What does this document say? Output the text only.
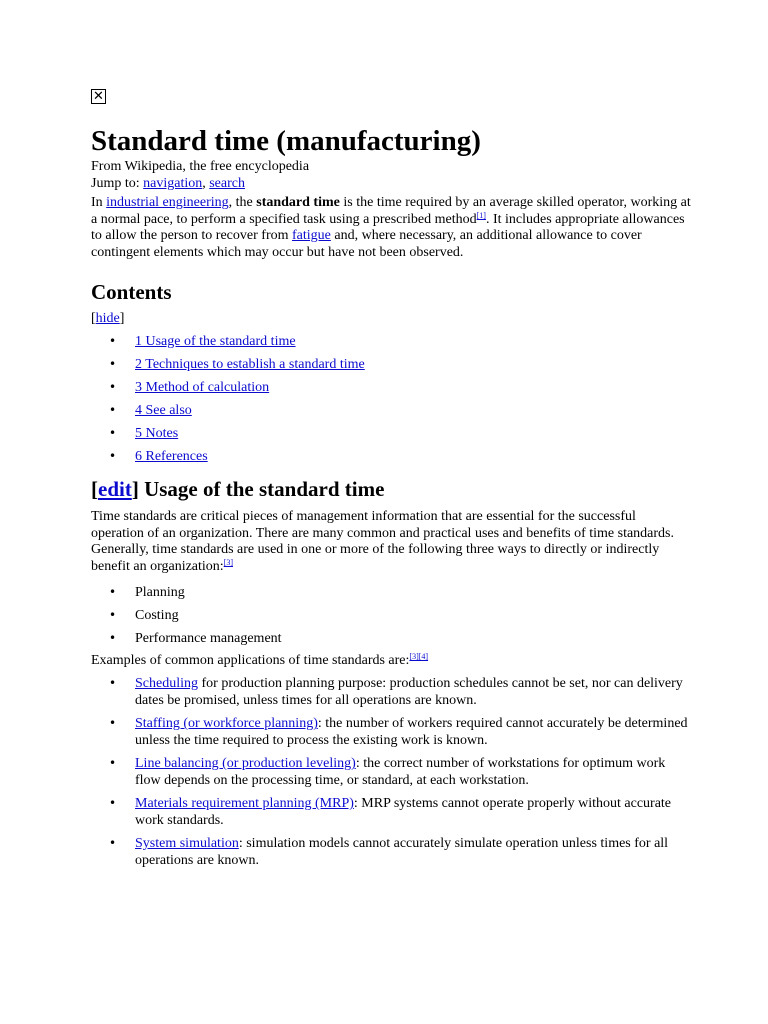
✕
Standard time (manufacturing)
From Wikipedia, the free encyclopedia
Jump to: navigation, search

In industrial engineering, the standard time is the time required by an average skilled operator, working at a normal pace, to perform a specified task using a prescribed method[1]. It includes appropriate allowances to allow the person to recover from fatigue and, where necessary, an additional allowance to cover contingent elements which may occur but have not been observed.

Contents
[hide]
• 1 Usage of the standard time
• 2 Techniques to establish a standard time
• 3 Method of calculation
• 4 See also
• 5 Notes
• 6 References
[edit] Usage of the standard time

Time standards are critical pieces of management information that are essential for the successful operation of an organization. There are many common and practical uses and benefits of time standards. Generally, time standards are used in one or more of the following three ways to directly or indirectly benefit an organization:[3]

• Planning
• Costing
• Performance management

Examples of common applications of time standards are:[3][4]

• Scheduling for production planning purpose: production schedules cannot be set, nor can delivery dates be promised, unless times for all operations are known.
• Staffing (or workforce planning): the number of workers required cannot accurately be determined unless the time required to process the existing work is known.
• Line balancing (or production leveling): the correct number of workstations for optimum work flow depends on the processing time, or standard, at each workstation.
• Materials requirement planning (MRP): MRP systems cannot operate properly without accurate work standards.
• System simulation: simulation models cannot accurately simulate operation unless times for all operations are known.
